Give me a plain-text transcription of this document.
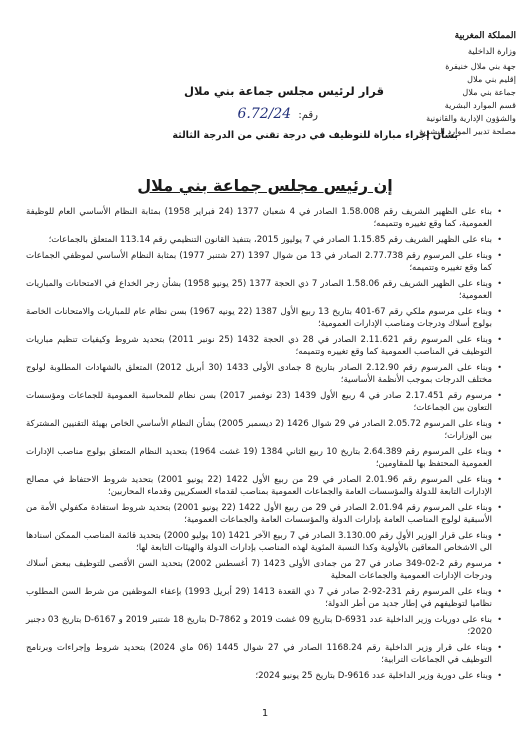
المملكة المغربية
وزارة الداخلية
جهة بني ملال خنيفرة
إقليم بني ملال
جماعة بني ملال
قسم الموارد البشرية
والشؤون الإدارية والقانونية
مصلحة تدبير الموارد البشرية
قرار لرئيس مجلس جماعة بني ملال
رقم: 6.72/24
بشأن إجراء مباراة للتوظيف في درجة تقني من الدرجة الثالثة
إن رئيس مجلس جماعة بني ملال
• بناء على الظهير الشريف رقم 1.58.008 الصادر في 4 شعبان 1377 (24 فبراير 1958) بمثابة النظام الأساسي العام للوظيفة العمومية، كما وقع تغييره وتتميمه؛
• بناء على الظهير الشريف رقم 1.15.85 الصادر في 7 يوليوز 2015، بتنفيذ القانون التنظيمي رقم 113.14 المتعلق بالجماعات؛
• وبناء على المرسوم رقم 2.77.738 الصادر في 13 من شوال 1397 (27 شتنبر 1977) بمثابة النظام الأساسي لموظفي الجماعات كما وقع تغييره وتتميمه؛
• وبناء على الظهير الشريف رقم 1.58.06 الصادر 7 ذي الحجة 1377 (25 يونيو 1958) بشأن زجر الخداع في الامتحانات والمباريات العمومية؛
• وبناء على مرسوم ملكي رقم 67-401 بتاريخ 13 ربيع الأول 1387 (22 يونيه 1967) بسن نظام عام للمباريات والامتحانات الخاصة بولوج أسلاك ودرجات ومناصب الإدارات العمومية؛
• وبناء على المرسوم رقم 2.11.621 الصادر في 28 ذي الحجة 1432 (25 نونبر 2011) بتحديد شروط وكيفيات تنظيم مباريات التوظيف في المناصب العمومية كما وقع تغييره وتتميمه؛
• وبناء على المرسوم رقم 2.12.90 الصادر بتاريخ 8 جمادى الأولى 1433 (30 أبريل 2012) المتعلق بالشهادات المطلوبة لولوج مختلف الدرجات بموجب الأنظمة الأساسية؛
• مرسوم رقم 2.17.451 صادر في 4 ربيع الأول 1439 (23 نوفمبر 2017) بسن نظام للمحاسبة العمومية للجماعات ومؤسسات التعاون بين الجماعات؛
• وبناء على المرسوم 2.05.72 الصادر في 29 شوال 1426 (2 ديسمبر 2005) بشأن النظام الأساسي الخاص بهيئة التقنيين المشتركة بين الوزارات؛
• وبناء على المرسوم رقم 2.64.389 بتاريخ 10 ربيع الثاني 1384 (19 غشت 1964) بتحديد النظام المتعلق بولوج مناصب الإدارات العمومية المحتفظ بها للمقاومين؛
• وبناء على المرسوم رقم 2.01.96 الصادر في 29 من ربيع الأول 1422 (22 يونيو 2001) بتحديد شروط الاحتفاظ في مصالح الإدارات التابعة للدولة والمؤسسات العامة والجماعات العمومية بمناصب لقدماء العسكريين وقدماء المحاربين؛
• وبناء على المرسوم رقم 2.01.94 الصادر في 29 من ربيع الأول 1422 (22 يونيو 2001) بتحديد شروط استفادة مكفولي الأمة من الأسبقية لولوج المناصب العامة بإدارات الدولة والمؤسسات العامة والجماعات العمومية؛
• وبناء على قرار الوزير الأول رقم 3.130.00 الصادر في 7 ربيع الآخر 1421 (10 يوليو 2000) بتحديد قائمة المناصب الممكن اسنادها الى الاشخاص المعاقين بالأولوية وكذا النسبة المئوية لهذه المناصب بإدارات الدولة والهيئات التابعة لها؛
• مرسوم رقم 2-02-349 صادر في 27 من جمادى الأولى 1423 (7 أغسطس 2002) بتحديد السن الأقصى للتوظيف ببعض أسلاك ودرجات الإدارات العمومية والجماعات المحلية
• وبناء على المرسوم رقم 231-92-2 صادر في 7 ذي القعدة 1413 (29 أبريل 1993) بإعفاء الموظفين من شرط السن المطلوب نظاميا لتوظيفهم في إطار جديد من أطر الدولة؛
• بناء على دوريات وزير الداخلية عدد D-6931 بتاريخ 09 غشت 2019 و D-7862 بتاريخ 18 شتنبر 2019 و D-6167 بتاريخ 03 دجنبر 2020؛
• وبناء على قرار وزير الداخلية رقم 1168.24 الصادر في 27 شوال 1445 (06 ماي 2024) بتحديد شروط وإجراءات وبرنامج التوظيف في الجماعات الترابية؛
• وبناء على دورية وزير الداخلية عدد D-9616 بتاريخ 25 يونيو 2024؛
1
